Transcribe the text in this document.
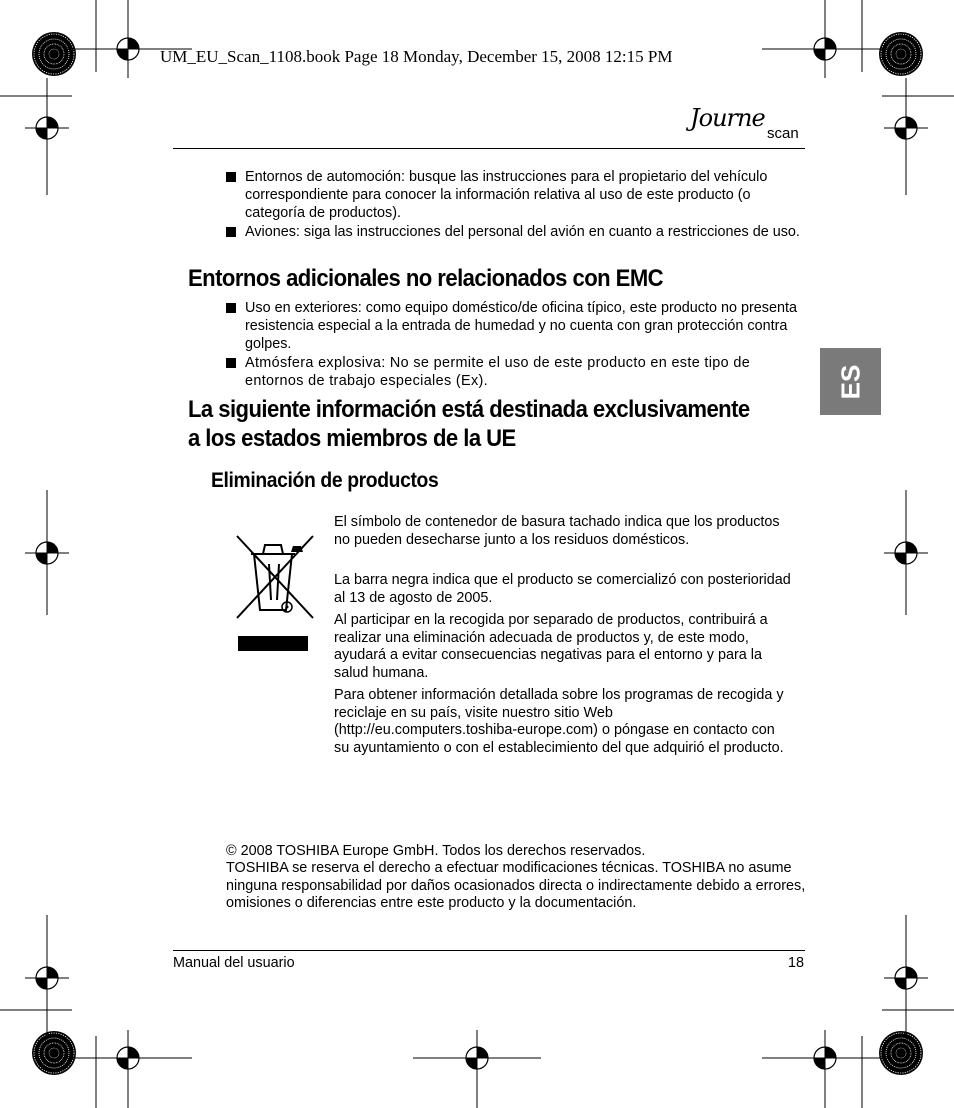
UM_EU_Scan_1108.book Page 18 Monday, December 15, 2008 12:15 PM
Journe
scan
Entornos de automoción: busque las instrucciones para el propietario del vehículo correspondiente para conocer la información relativa al uso de este producto (o categoría de productos).
Aviones: siga las instrucciones del personal del avión en cuanto a restricciones de uso.
Entornos adicionales no relacionados con EMC
Uso en exteriores: como equipo doméstico/de oficina típico, este producto no presenta resistencia especial a la entrada de humedad y no cuenta con gran protección contra golpes.
Atmósfera explosiva: No se permite el uso de este producto en este tipo de entornos de trabajo especiales (Ex).
La siguiente información está destinada exclusivamente
a los estados miembros de la UE
Eliminación de productos
El símbolo de contenedor de basura tachado indica que los productos no pueden desecharse junto a los residuos domésticos.
La barra negra indica que el producto se comercializó con posterioridad al 13 de agosto de 2005.
Al participar en la recogida por separado de productos, contribuirá a realizar una eliminación adecuada de productos y, de este modo, ayudará a evitar consecuencias negativas para el entorno y para la salud humana.
Para obtener información detallada sobre los programas de recogida y reciclaje en su país, visite nuestro sitio Web (http://eu.computers.toshiba-europe.com) o póngase en contacto con su ayuntamiento o con el establecimiento del que adquirió el producto.
© 2008 TOSHIBA Europe GmbH. Todos los derechos reservados.
TOSHIBA se reserva el derecho a efectuar modificaciones técnicas. TOSHIBA no asume ninguna responsabilidad por daños ocasionados directa o indirectamente debido a errores, omisiones o diferencias entre este producto y la documentación.
Manual del usuario	18
ES
